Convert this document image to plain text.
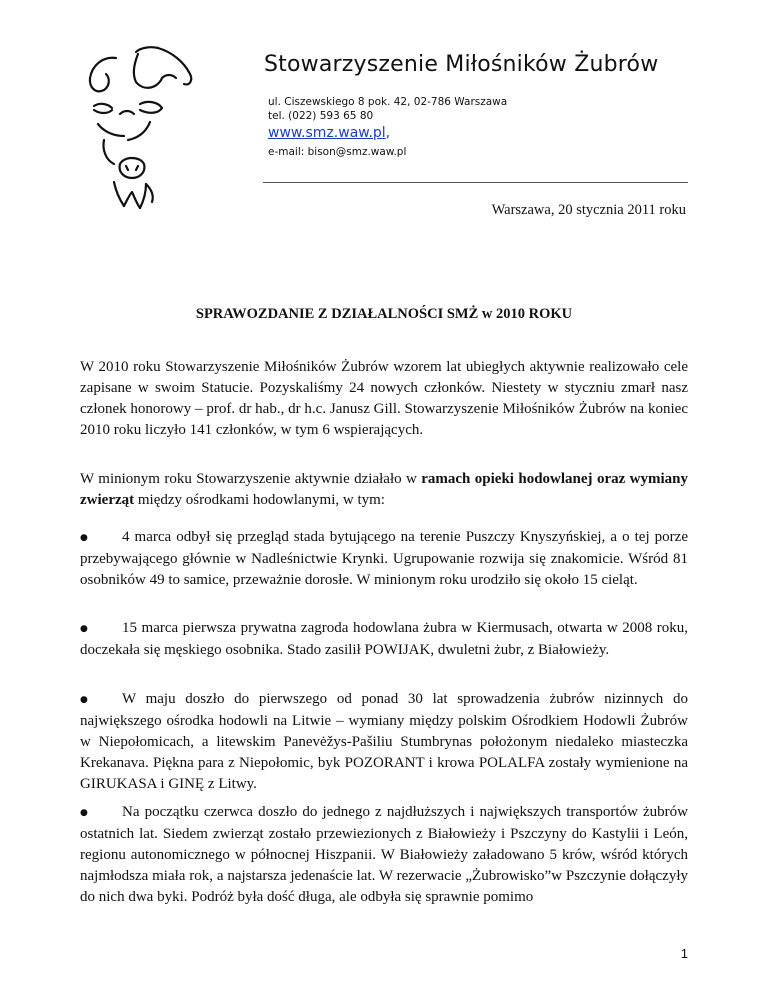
Stowarzyszenie Miłośników Żubrów
ul. Ciszewskiego 8 pok. 42, 02-786 Warszawa
tel. (022) 593 65 80
www.smz.waw.pl,
e-mail: bison@smz.waw.pl
Warszawa, 20 stycznia 2011 roku
SPRAWOZDANIE Z DZIAŁALNOŚCI SMŻ w 2010 ROKU

W 2010 roku Stowarzyszenie Miłośników Żubrów wzorem lat ubiegłych aktywnie realizowało cele zapisane w swoim Statucie. Pozyskaliśmy 24 nowych członków. Niestety w styczniu zmarł nasz członek honorowy – prof. dr hab., dr h.c. Janusz Gill. Stowarzyszenie Miłośników Żubrów na koniec 2010 roku liczyło 141 członków, w tym 6 wspierających.

W minionym roku Stowarzyszenie aktywnie działało w ramach opieki hodowlanej oraz wymiany zwierząt między ośrodkami hodowlanymi, w tym:

● 4 marca odbył się przegląd stada bytującego na terenie Puszczy Knyszyńskiej, a o tej porze przebywającego głównie w Nadleśnictwie Krynki. Ugrupowanie rozwija się znakomicie. Wśród 81 osobników 49 to samice, przeważnie dorosłe. W minionym roku urodziło się około 15 cieląt.

● 15 marca pierwsza prywatna zagroda hodowlana żubra w Kiermusach, otwarta w 2008 roku, doczekała się męskiego osobnika. Stado zasilił POWIJAK, dwuletni żubr, z Białowieży.

● W maju doszło do pierwszego od ponad 30 lat sprowadzenia żubrów nizinnych do największego ośrodka hodowli na Litwie – wymiany między polskim Ośrodkiem Hodowli Żubrów w Niepołomicach, a litewskim Panevėžys-Pašiliu Stumbrynas położonym niedaleko miasteczka Krekanava. Piękna para z Niepołomic, byk POZORANT i krowa POLALFA zostały wymienione na GIRUKASA i GINĘ z Litwy.

● Na początku czerwca doszło do jednego z najdłuższych i największych transportów żubrów ostatnich lat. Siedem zwierząt zostało przewiezionych z Białowieży i Pszczyny do Kastylii i León, regionu autonomicznego w północnej Hiszpanii. W Białowieży załadowano 5 krów, wśród których najmłodsza miała rok, a najstarsza jedenaście lat. W rezerwacie „Żubrowisko”w Pszczynie dołączyły do nich dwa byki. Podróż była dość długa, ale odbyła się sprawnie pomimo

1
